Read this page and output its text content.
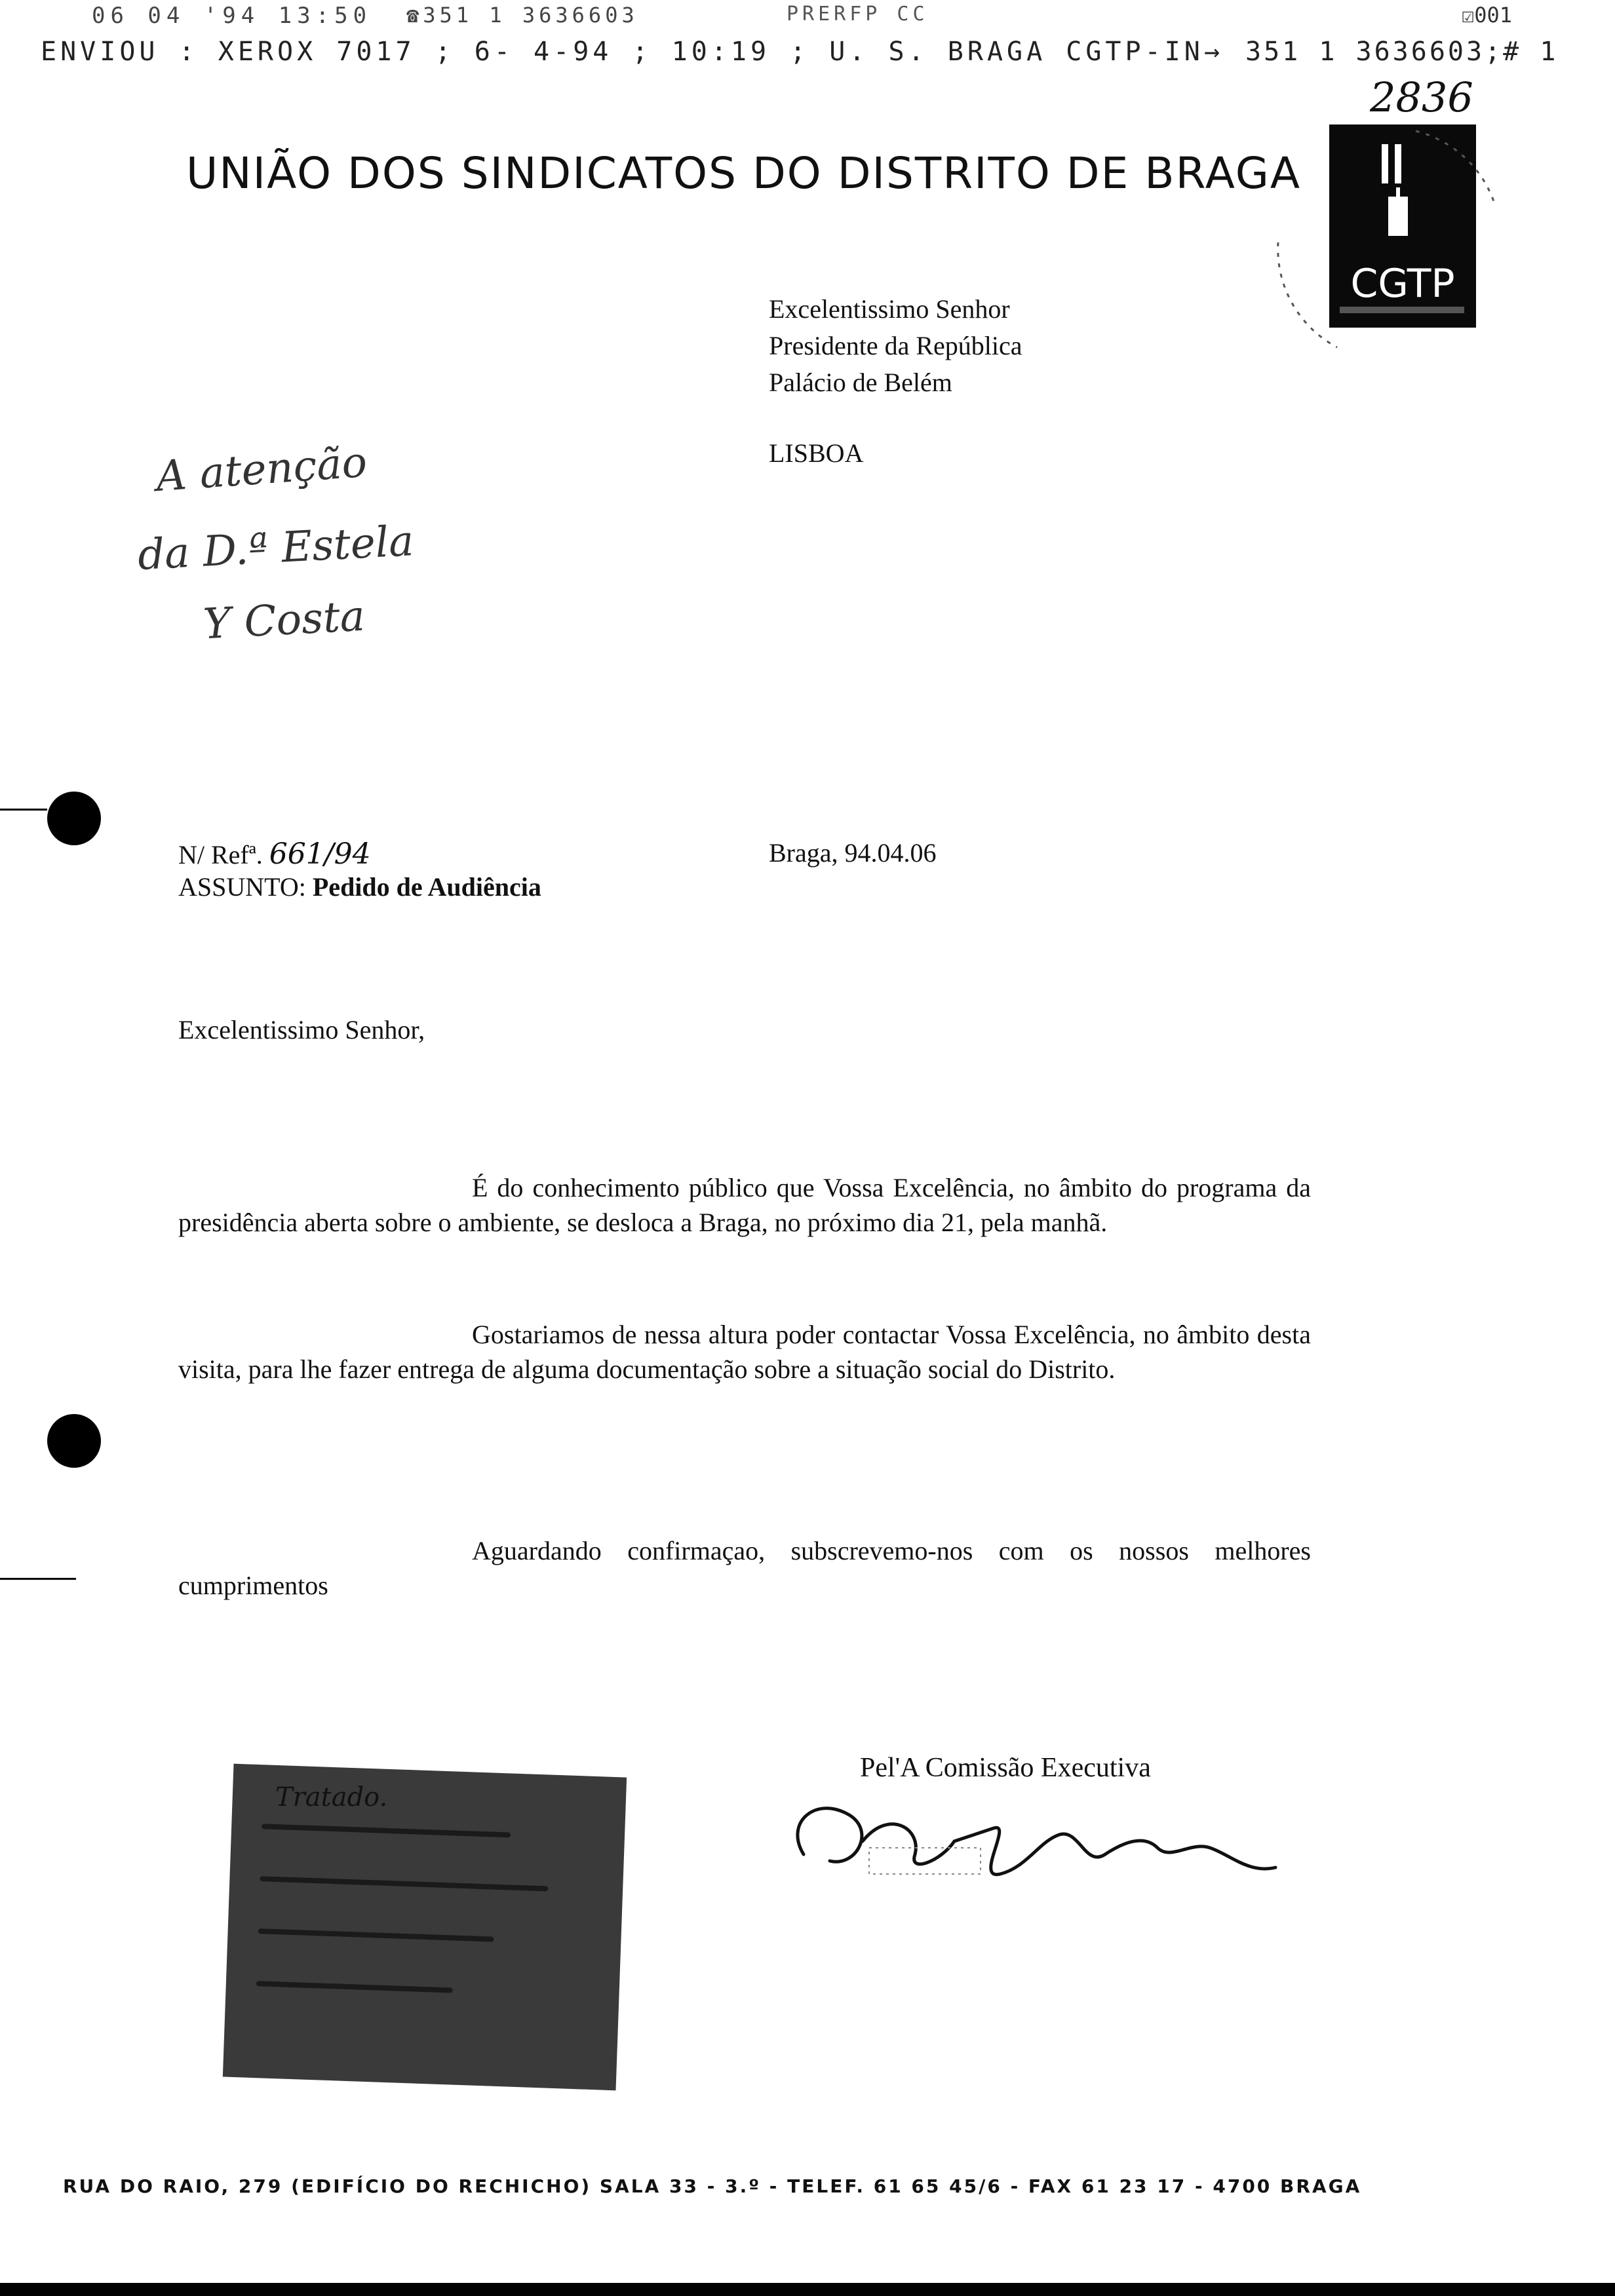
06 04 '94 13:50 ☎351 1 3636603	PRERFP CC	☑001
ENVIOU : XEROX 7017 ; 6- 4-94 ; 10:19 ; U. S. BRAGA CGTP-IN→ 351 1 3636603;# 1
2836
UNIÃO DOS SINDICATOS DO DISTRITO DE BRAGA
CGTP
Excelentissimo Senhor
Presidente da República
Palácio de Belém
LISBOA
A atenção
da D.ª Estela
Y Costa
N/ Refª. 661/94	Braga, 94.04.06
ASSUNTO: Pedido de Audiência
Excelentissimo Senhor,
É do conhecimento público que Vossa Excelência, no âmbito do programa da presidência aberta sobre o ambiente, se desloca a Braga, no próximo dia 21, pela manhã.
Gostariamos de nessa altura poder contactar Vossa Excelência, no âmbito desta visita, para lhe fazer entrega de alguma documentação sobre a situação social do Distrito.
Aguardando confirmaçao, subscrevemo-nos com os nossos melhores cumprimentos
Tratado.
Pel'A Comissão Executiva
RUA DO RAIO, 279 (EDIFÍCIO DO RECHICHO) SALA 33 - 3.º - TELEF. 61 65 45/6 - FAX 61 23 17 - 4700 BRAGA
